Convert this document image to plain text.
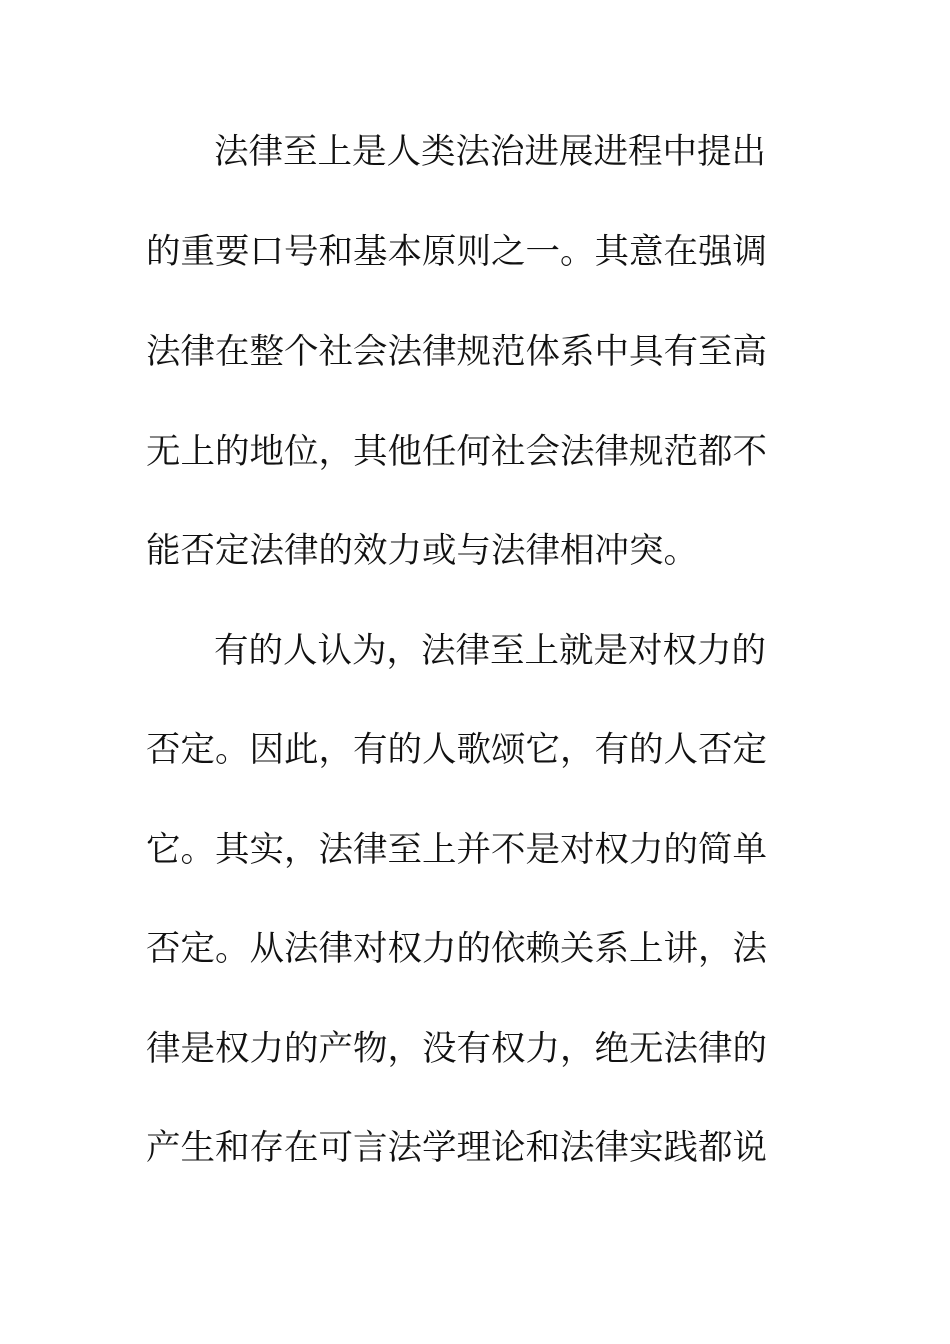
法律至上是人类法治进展进程中提出
的重要口号和基本原则之一。其意在强调
法律在整个社会法律规范体系中具有至高
无上的地位，其他任何社会法律规范都不
能否定法律的效力或与法律相冲突。
有的人认为，法律至上就是对权力的
否定。因此，有的人歌颂它，有的人否定
它。其实，法律至上并不是对权力的简单
否定。从法律对权力的依赖关系上讲，法
律是权力的产物，没有权力，绝无法律的
产生和存在可言法学理论和法律实践都说
